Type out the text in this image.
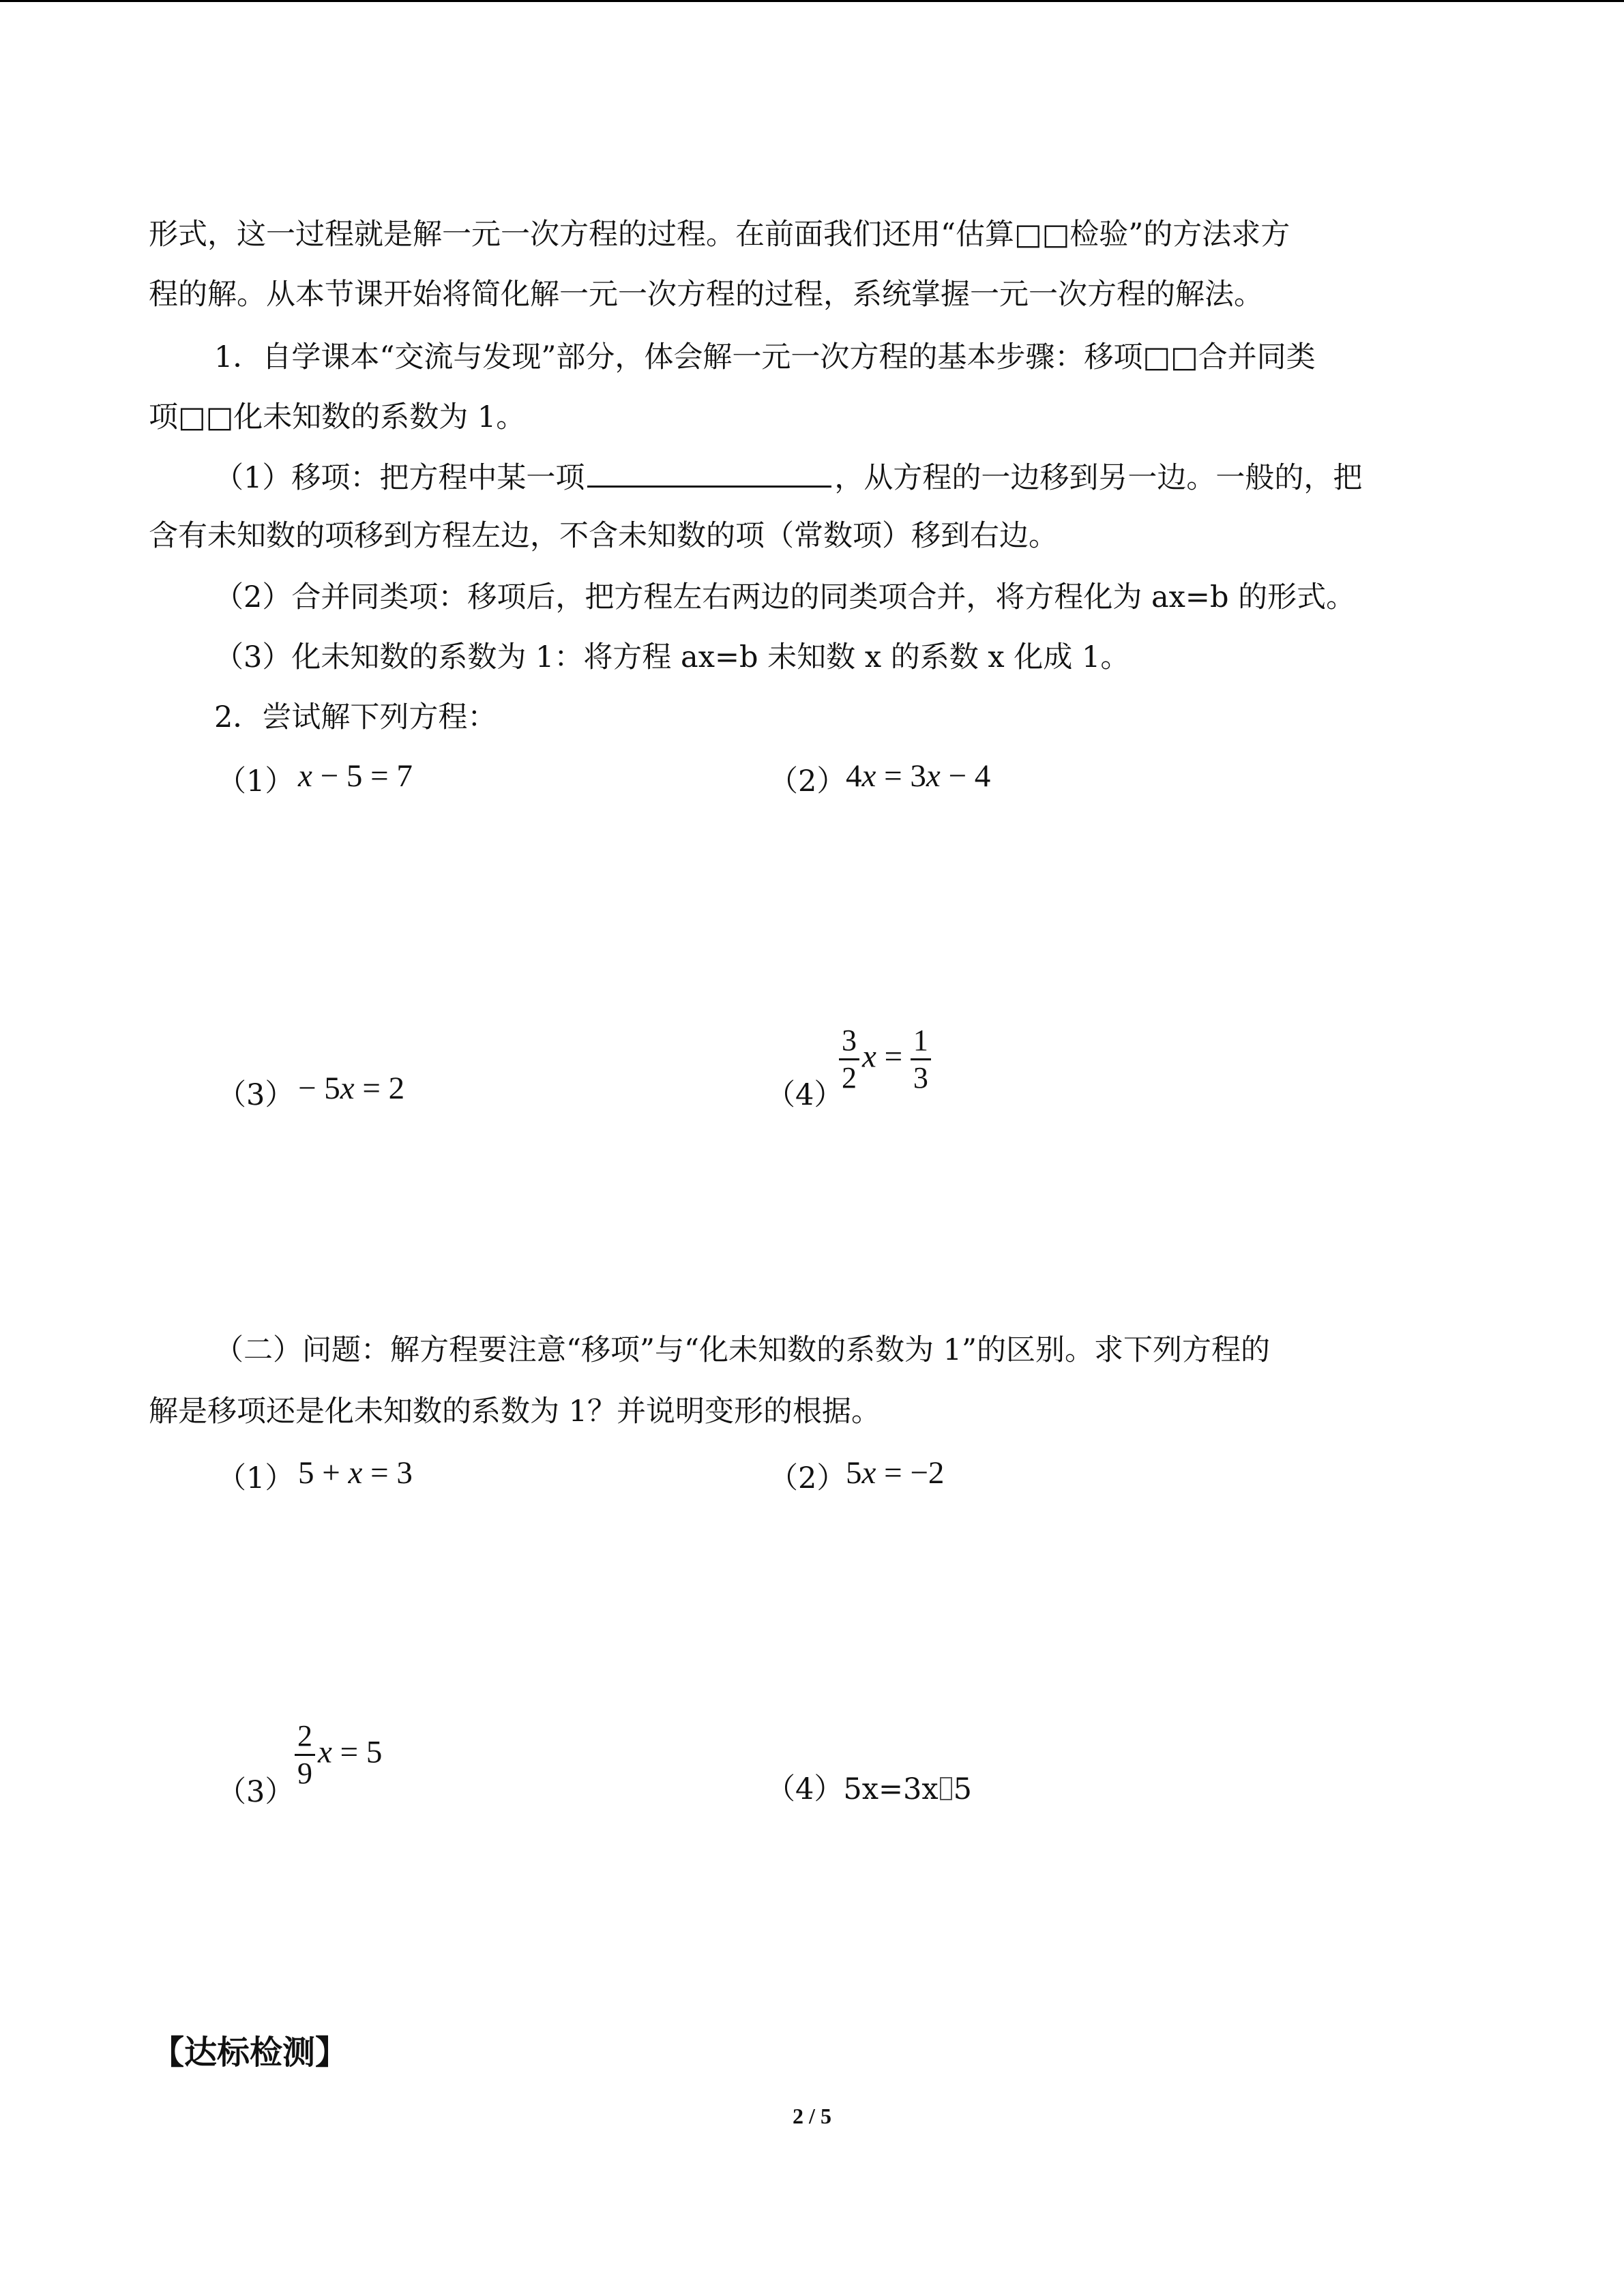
形式，这一过程就是解一元一次方程的过程。在前面我们还用“估算□□检验”的方法求方

程的解。从本节课开始将简化解一元一次方程的过程，系统掌握一元一次方程的解法。

1．自学课本“交流与发现”部分，体会解一元一次方程的基本步骤：移项□□合并同类

项□□化未知数的系数为 1。

（1）移项：把方程中某一项	，从方程的一边移到另一边。一般的，把

含有未知数的项移到方程左边，不含未知数的项（常数项）移到右边。

（2）合并同类项：移项后，把方程左右两边的同类项合并，将方程化为 ax=b 的形式。

（3）化未知数的系数为 1：将方程 ax=b 未知数 x 的系数 x 化成 1。

2．尝试解下列方程：

（1） x − 5 = 7	（2） 4x = 3x − 4
（3） − 5x = 2	（4）
$\frac{3}{2}$ $x = \frac{1}{3}$

（二）问题：解方程要注意“移项”与“化未知数的系数为 1”的区别。求下列方程的

解是移项还是化未知数的系数为 1？并说明变形的根据。

（1） 5 + x = 3	（2） 5x = −2
（3）
$\frac{2}{9}$ x = 5
（4）5x=3x 5
【达标检测】
2 / 5
